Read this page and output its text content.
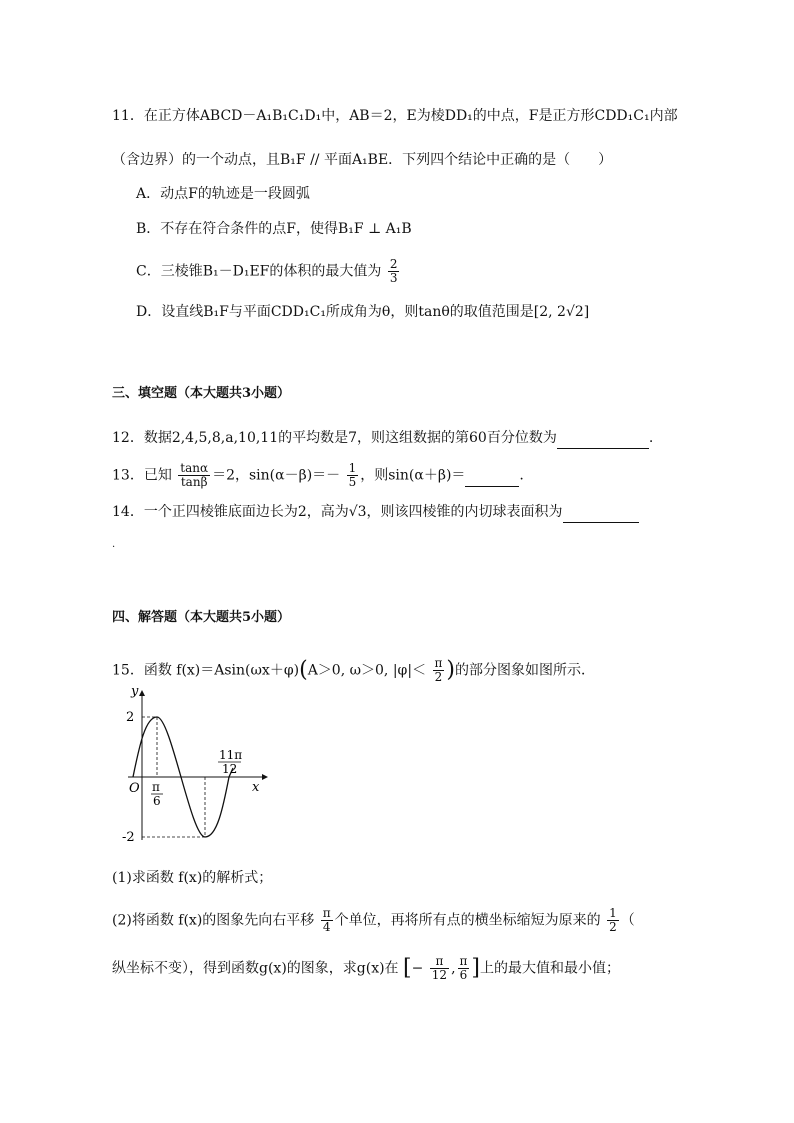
11．在正方体ABCD－A₁B₁C₁D₁中，AB＝2，E为棱DD₁的中点，F是正方形CDD₁C₁内部
（含边界）的一个动点，且B₁F // 平面A₁BE．下列四个结论中正确的是（　　）
A．动点F的轨迹是一段圆弧
B．不存在符合条件的点F，使得B₁F ⊥ A₁B
C．三棱锥B₁－D₁EF的体积的最大值为 $\frac{2}{3}$
D．设直线B₁F与平面CDD₁C₁所成角为θ，则tanθ的取值范围是[2, 2√2]
三、填空题（本大题共3小题）
12．数据2,4,5,8,a,10,11的平均数是7，则这组数据的第60百分位数为	.
13．已知 $\frac{\tan\alpha}{\tan\beta} =2$，$\sin(\alpha-\beta)=- \frac{1}{5}$ ，则sin(α＋β)＝	.
14．一个正四棱锥底面边长为2，高为√3，则该四棱锥的内切球表面积为
.
四、解答题（本大题共5小题）
15．函数 f(x)＝Asin(ωx＋φ)(A＞0, ω＞0, $|\varphi|< \frac{\pi}{2}$ )的部分图象如图所示．
y
x
O
2
-2
π
6
11π
12
(1)求函数 f(x)的解析式；
(2)将函数 f(x)的图象先向右平移 $\frac{\pi}{4}$ 个单位，再将所有点的横坐标缩短为原来的 $\frac{1}{2}$ （
纵坐标不变），得到函数g(x)的图象，求g(x)在 [− $\frac{\pi}{12}$ , $\frac{\pi}{6}$ ]上的最大值和最小值；
